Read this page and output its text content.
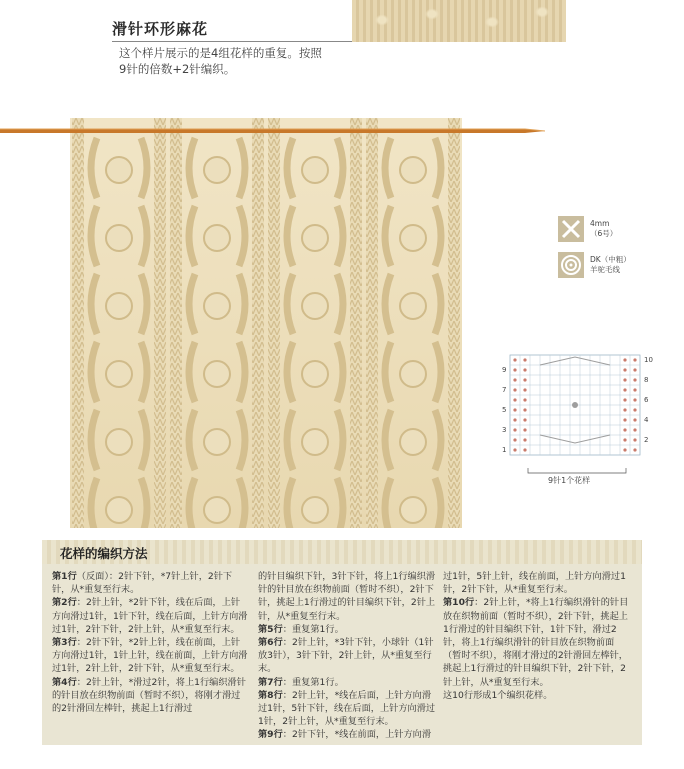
滑针环形麻花
这个样片展示的是4组花样的重复。按照9针的倍数+2针编织。
4mm
（6号）
DK（中粗）
羊驼毛线
9
7
5
3
1
10
8
6
4
2
9针1个花样
花样的编织方法

第1行（反面）：2针下针，*7针上针，2针下针，从*重复至行末。

第2行：2针上针，*2针下针，线在后面，上针方向滑过1针，1针下针，线在后面，上针方向滑过1针，2针下针，2针上针，从*重复至行末。

第3行：2针下针，*2针上针，线在前面，上针方向滑过1针，1针上针，线在前面，上针方向滑过1针，2针上针，2针下针，从*重复至行末。

第4行：2针上针，*滑过2针，将上1行编织滑针的针目放在织物前面（暂时不织），将刚才滑过的2针滑回左棒针，挑起上1行滑过

的针目编织下针，3针下针，将上1行编织滑针的针目放在织物前面（暂时不织），2针下针，挑起上1行滑过的针目编织下针，2针上针，从*重复至行末。

第5行：重复第1行。

第6行：2针上针，*3针下针，小球针（1针放3针），3针下针，2针上针，从*重复至行末。

第7行：重复第1行。

第8行：2针上针，*线在后面，上针方向滑过1针，5针下针，线在后面，上针方向滑过1针，2针上针，从*重复至行末。

第9行：2针下针，*线在前面，上针方向滑

过1针，5针上针，线在前面，上针方向滑过1针，2针下针，从*重复至行末。

第10行：2针上针，*将上1行编织滑针的针目放在织物前面（暂时不织），2针下针，挑起上1行滑过的针目编织下针，1针下针，滑过2针，将上1行编织滑针的针目放在织物前面（暂时不织），将刚才滑过的2针滑回左棒针，挑起上1行滑过的针目编织下针，2针下针，2针上针，从*重复至行末。

这10行形成1个编织花样。
